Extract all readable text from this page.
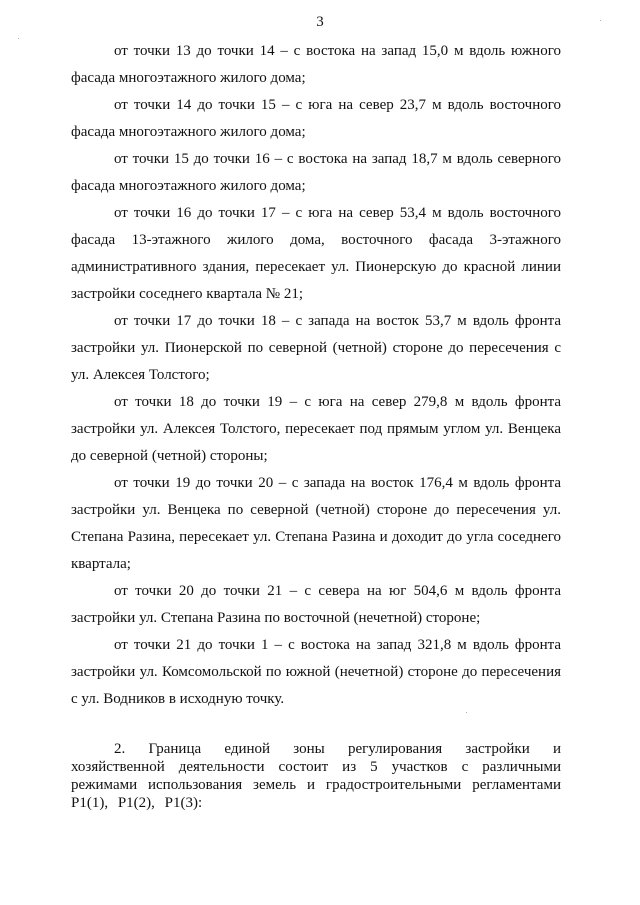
3

от точки 13 до точки 14 – с востока на запад 15,0 м вдоль южного фасада многоэтажного жилого дома;

от точки 14 до точки 15 – с юга на север 23,7 м вдоль восточного фасада многоэтажного жилого дома;

от точки 15 до точки 16 – с востока на запад 18,7 м вдоль северного фасада многоэтажного жилого дома;

от точки 16 до точки 17 – с юга на север 53,4 м вдоль восточного фасада 13-этажного жилого дома, восточного фасада 3-этажного административного здания, пересекает ул. Пионерскую до красной линии застройки соседнего квартала № 21;

от точки 17 до точки 18 – с запада на восток 53,7 м вдоль фронта застройки ул. Пионерской по северной (четной) стороне до пересечения с ул. Алексея Толстого;

от точки 18 до точки 19 – с юга на север 279,8 м вдоль фронта застройки ул. Алексея Толстого, пересекает под прямым углом ул. Венцека до северной (четной) стороны;

от точки 19 до точки 20 – с запада на восток 176,4 м вдоль фронта застройки ул. Венцека по северной (четной) стороне до пересечения ул. Степана Разина, пересекает ул. Степана Разина и доходит до угла соседнего квартала;

от точки 20 до точки 21 – с севера на юг 504,6 м вдоль фронта застройки ул. Степана Разина по восточной (нечетной) стороне;

от точки 21 до точки 1 – с востока на запад 321,8 м вдоль фронта застройки ул. Комсомольской по южной (нечетной) стороне до пересечения с ул. Водников в исходную точку.

2. Граница единой зоны регулирования застройки и хозяйственной деятельности состоит из 5 участков с различными режимами использования земель и градостроительными регламентами Р1(1), Р1(2), Р1(3):
